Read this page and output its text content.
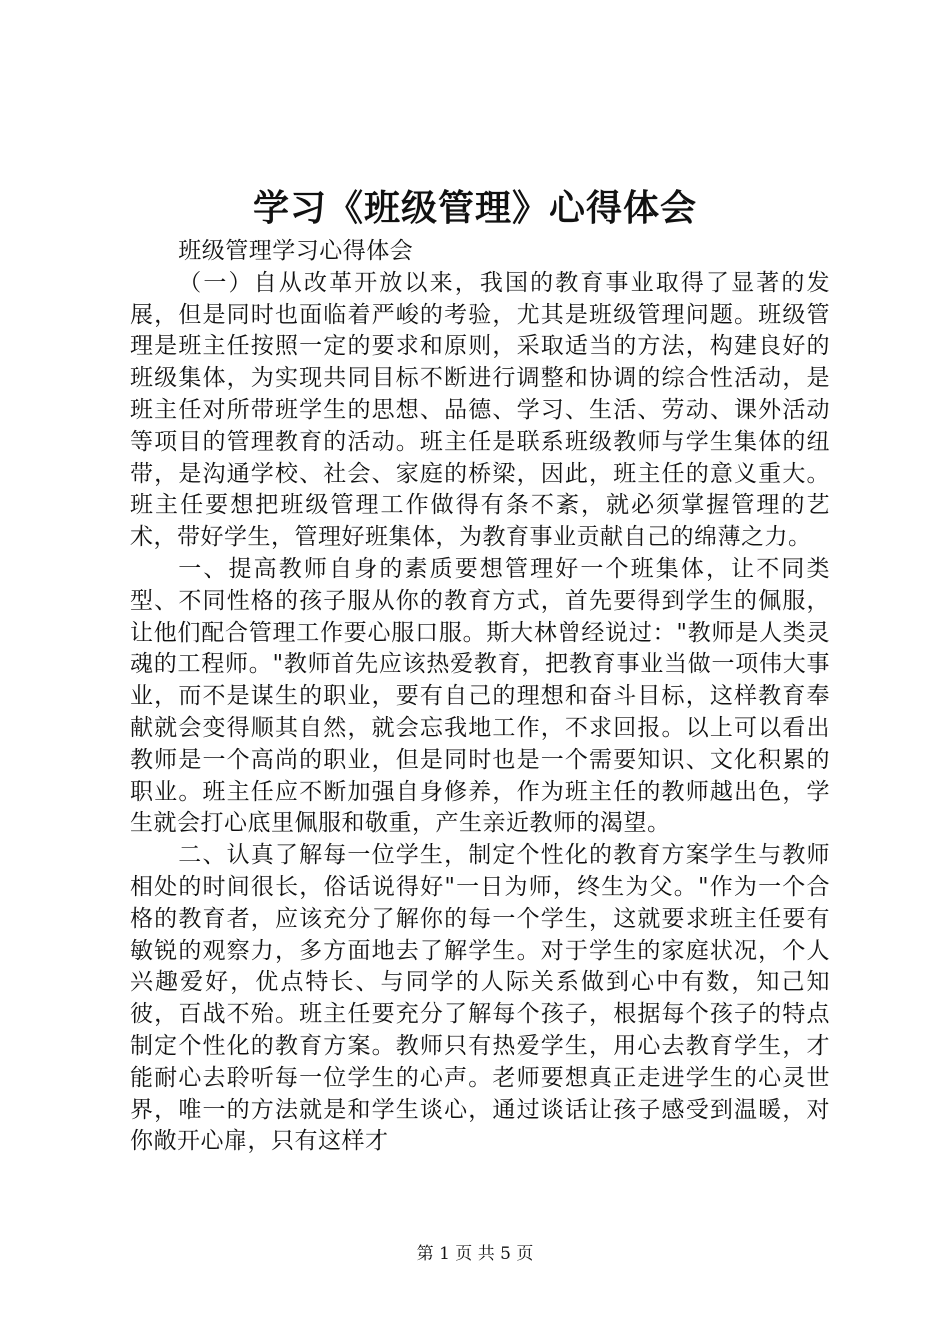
学习《班级管理》心得体会

班级管理学习心得体会

（一）自从改革开放以来，我国的教育事业取得了显著的发展，但是同时也面临着严峻的考验，尤其是班级管理问题。班级管理是班主任按照一定的要求和原则，采取适当的方法，构建良好的班级集体，为实现共同目标不断进行调整和协调的综合性活动，是班主任对所带班学生的思想、品德、学习、生活、劳动、课外活动等项目的管理教育的活动。班主任是联系班级教师与学生集体的纽带，是沟通学校、社会、家庭的桥梁，因此，班主任的意义重大。班主任要想把班级管理工作做得有条不紊，就必须掌握管理的艺术，带好学生，管理好班集体，为教育事业贡献自己的绵薄之力。

一、提高教师自身的素质要想管理好一个班集体，让不同类型、不同性格的孩子服从你的教育方式，首先要得到学生的佩服，让他们配合管理工作要心服口服。斯大林曾经说过："教师是人类灵魂的工程师。"教师首先应该热爱教育，把教育事业当做一项伟大事业，而不是谋生的职业，要有自己的理想和奋斗目标，这样教育奉献就会变得顺其自然，就会忘我地工作，不求回报。以上可以看出教师是一个高尚的职业，但是同时也是一个需要知识、文化积累的职业。班主任应不断加强自身修养，作为班主任的教师越出色，学生就会打心底里佩服和敬重，产生亲近教师的渴望。

二、认真了解每一位学生，制定个性化的教育方案学生与教师相处的时间很长，俗话说得好"一日为师，终生为父。"作为一个合格的教育者，应该充分了解你的每一个学生，这就要求班主任要有敏锐的观察力，多方面地去了解学生。对于学生的家庭状况，个人兴趣爱好，优点特长、与同学的人际关系做到心中有数，知己知彼，百战不殆。班主任要充分了解每个孩子，根据每个孩子的特点制定个性化的教育方案。教师只有热爱学生，用心去教育学生，才能耐心去聆听每一位学生的心声。老师要想真正走进学生的心灵世界，唯一的方法就是和学生谈心，通过谈话让孩子感受到温暖，对你敞开心扉，只有这样才

第 1 页 共 5 页
